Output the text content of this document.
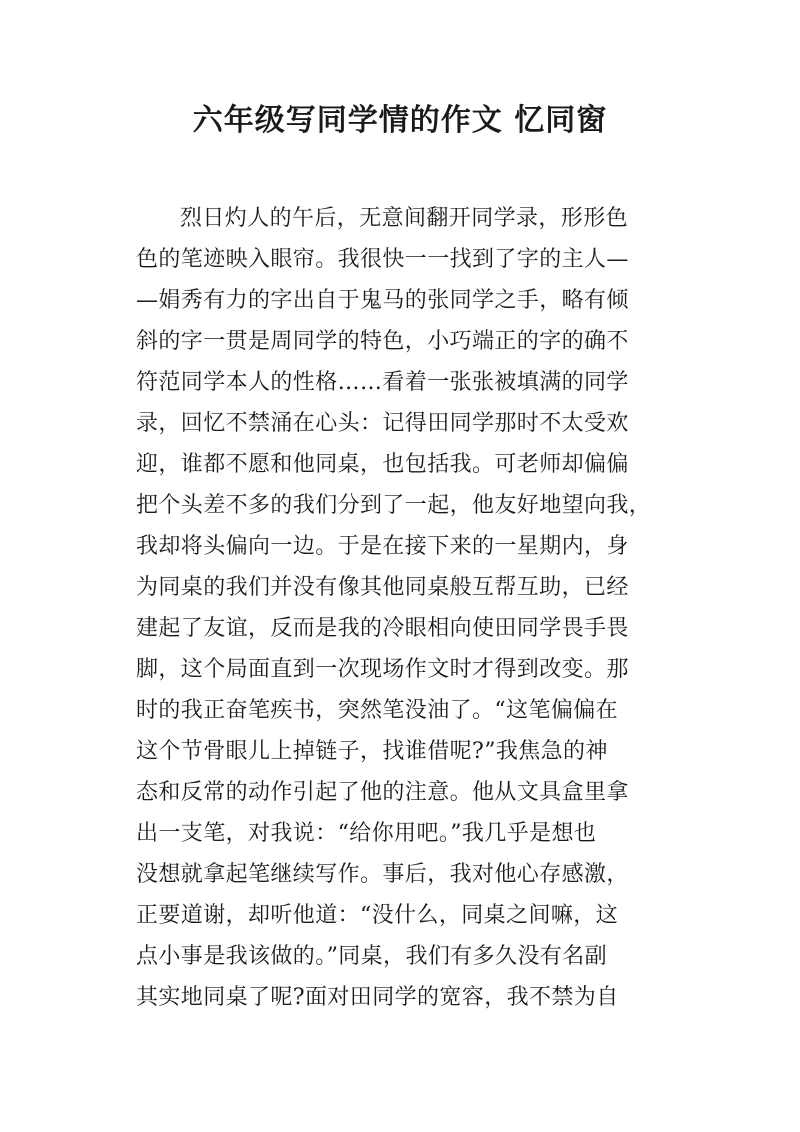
六年级写同学情的作文 忆同窗
烈日灼人的午后，无意间翻开同学录，形形色
色的笔迹映入眼帘。我很快一一找到了字的主人—
—娟秀有力的字出自于鬼马的张同学之手，略有倾
斜的字一贯是周同学的特色，小巧端正的字的确不
符范同学本人的性格……看着一张张被填满的同学
录，回忆不禁涌在心头：记得田同学那时不太受欢
迎，谁都不愿和他同桌，也包括我。可老师却偏偏
把个头差不多的我们分到了一起，他友好地望向我，
我却将头偏向一边。于是在接下来的一星期内，身
为同桌的我们并没有像其他同桌般互帮互助，已经
建起了友谊，反而是我的冷眼相向使田同学畏手畏
脚，这个局面直到一次现场作文时才得到改变。那
时的我正奋笔疾书，突然笔没油了。“这笔偏偏在
这个节骨眼儿上掉链子，找谁借呢?”我焦急的神
态和反常的动作引起了他的注意。他从文具盒里拿
出一支笔，对我说：“给你用吧。”我几乎是想也
没想就拿起笔继续写作。事后，我对他心存感激，
正要道谢，却听他道：“没什么，同桌之间嘛，这
点小事是我该做的。”同桌，我们有多久没有名副
其实地同桌了呢?面对田同学的宽容，我不禁为自
